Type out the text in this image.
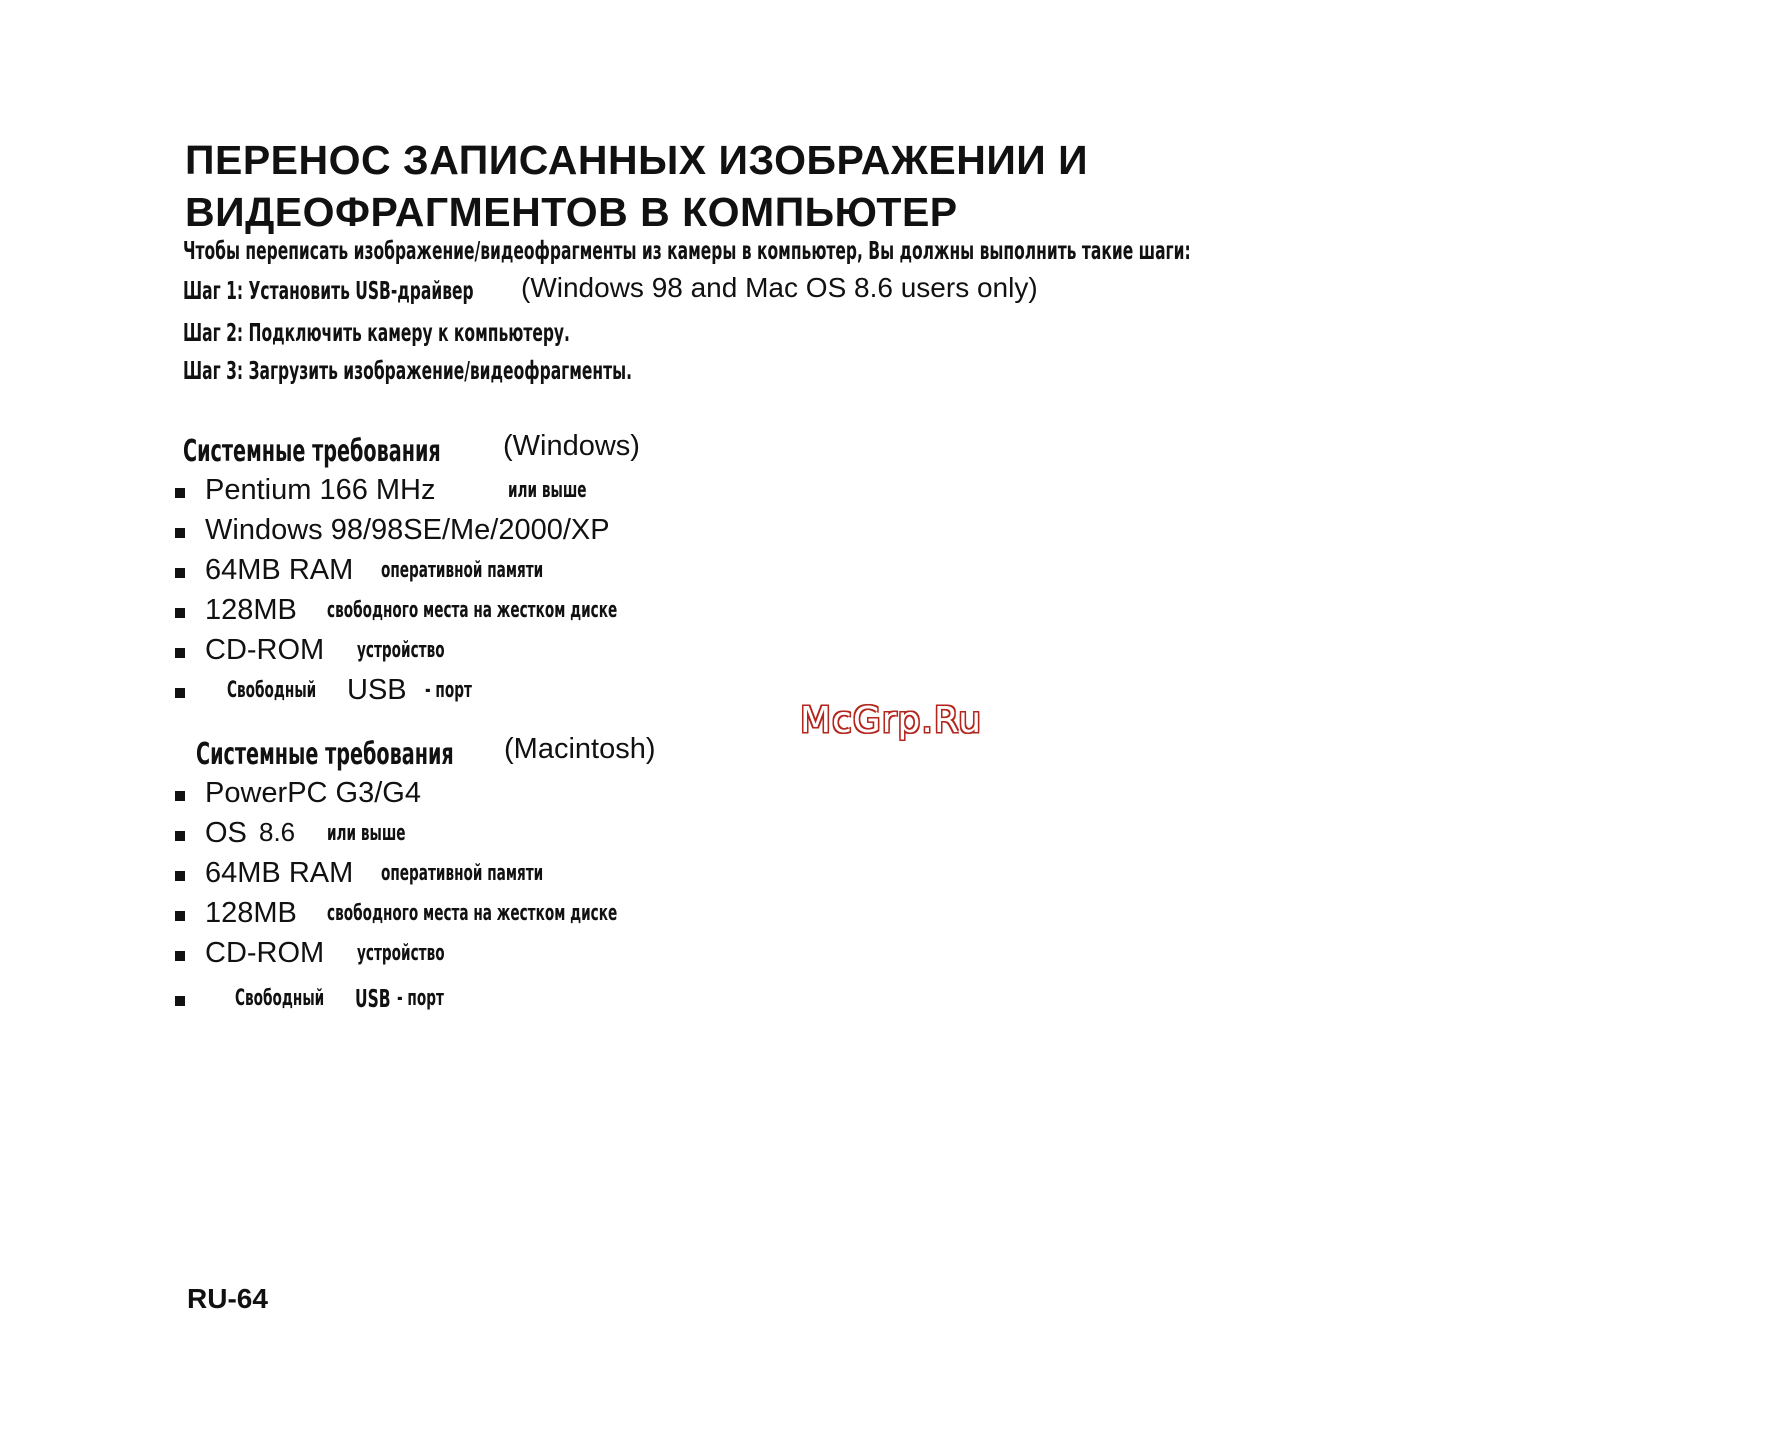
ПЕРЕНОС ЗАПИСАННЫХ ИЗОБРАЖЕНИИ И
ВИДЕОФРАГМЕНТОВ В КОМПЬЮТЕР
Чтобы переписать изображение/видеофрагменты из камеры в компьютер, Вы должны выполнить такие шаги:
Шаг 1: Установить USB-драйвер (Windows 98 and Mac OS 8.6 users only)
Шаг 2: Подключить камеру к компьютеру.
Шаг 3: Загрузить изображение/видеофрагменты.
Системные требования (Windows)
Pentium 166 MHz	или выше
Windows 98/98SE/Me/2000/XP
64MB RAM оперативной памяти
128MB свободного места на жестком диске
CD-ROM устройство
Свободный USB - порт
McGrp.Ru
Системные требования (Macintosh)
PowerPC G3/G4
OS 8.6 или выше
64MB RAM оперативной памяти
128MB свободного места на жестком диске
CD-ROM устройство
Свободный USB - порт
RU-64
